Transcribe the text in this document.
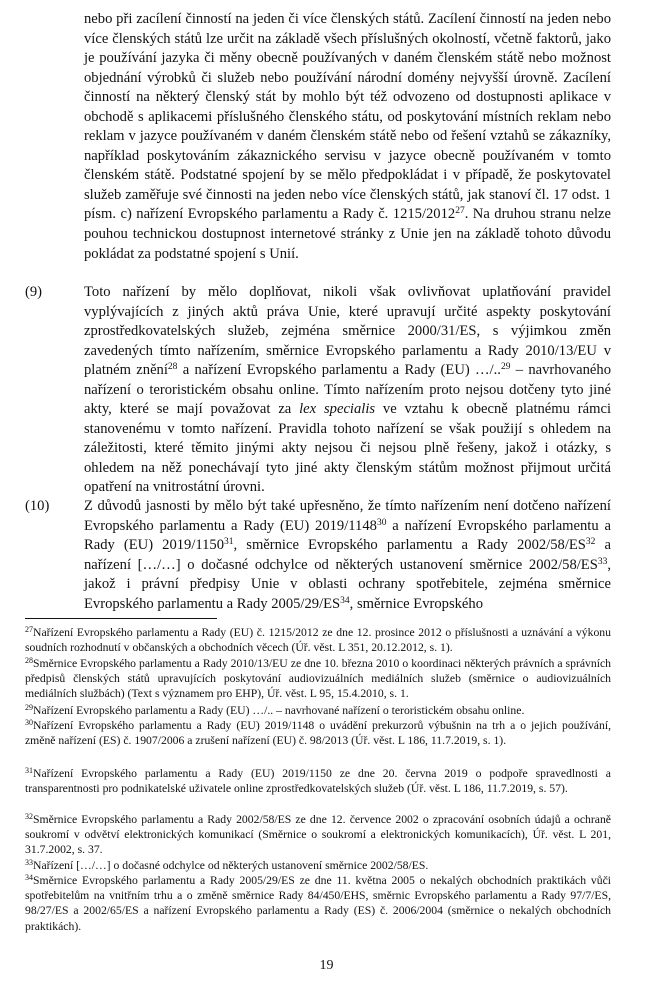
nebo při zacílení činností na jeden či více členských států. Zacílení činností na jeden nebo více členských států lze určit na základě všech příslušných okolností, včetně faktorů, jako je používání jazyka či měny obecně používaných v daném členském státě nebo možnost objednání výrobků či služeb nebo používání národní domény nejvyšší úrovně. Zacílení činností na některý členský stát by mohlo být též odvozeno od dostupnosti aplikace v obchodě s aplikacemi příslušného členského státu, od poskytování místních reklam nebo reklam v jazyce používaném v daném členském státě nebo od řešení vztahů se zákazníky, například poskytováním zákaznického servisu v jazyce obecně používaném v tomto členském státě. Podstatné spojení by se mělo předpokládat i v případě, že poskytovatel služeb zaměřuje své činnosti na jeden nebo více členských států, jak stanoví čl. 17 odst. 1 písm. c) nařízení Evropského parlamentu a Rady č. 1215/2012$^{27}$. Na druhou stranu nelze pouhou technickou dostupnost internetové stránky z Unie jen na základě tohoto důvodu pokládat za podstatné spojení s Unií.

(9)	Toto nařízení by mělo doplňovat, nikoli však ovlivňovat uplatňování pravidel vyplývajících z jiných aktů práva Unie, které upravují určité aspekty poskytování zprostředkovatelských služeb, zejména směrnice 2000/31/ES, s výjimkou změn zavedených tímto nařízením, směrnice Evropského parlamentu a Rady 2010/13/EU v platném znění$^{28}$ a nařízení Evropského parlamentu a Rady (EU) …/..$^{29}$ – navrhovaného nařízení o teroristickém obsahu online. Tímto nařízením proto nejsou dotčeny tyto jiné akty, které se mají považovat za lex specialis ve vztahu k obecně platnému rámci stanovenému v tomto nařízení. Pravidla tohoto nařízení se však použijí s ohledem na záležitosti, které těmito jinými akty nejsou či nejsou plně řešeny, jakož i otázky, s ohledem na něž ponechávají tyto jiné akty členským státům možnost přijmout určitá opatření na vnitrostátní úrovni.

(10) Z důvodů jasnosti by mělo být také upřesněno, že tímto nařízením není dotčeno nařízení Evropského parlamentu a Rady (EU) 2019/1148$^{30}$ a nařízení Evropského parlamentu a Rady (EU) 2019/1150$^{31}$, směrnice Evropského parlamentu a Rady 2002/58/ES$^{32}$ a nařízení […/…] o dočasné odchylce od některých ustanovení směrnice 2002/58/ES$^{33}$, jakož i právní předpisy Unie v oblasti ochrany spotřebitele, zejména směrnice Evropského parlamentu a Rady 2005/29/ES$^{34}$, směrnice Evropského

$^{27}$Nařízení Evropského parlamentu a Rady (EU) č. 1215/2012 ze dne 12. prosince 2012 o příslušnosti a uznávání a výkonu soudních rozhodnutí v občanských a obchodních věcech (Úř. věst. L 351, 20.12.2012, s. 1).

$^{28}$Směrnice Evropského parlamentu a Rady 2010/13/EU ze dne 10. března 2010 o koordinaci některých právních a správních předpisů členských států upravujících poskytování audiovizuálních mediálních služeb (směrnice o audiovizuálních mediálních službách) (Text s významem pro EHP), Úř. věst. L 95, 15.4.2010, s. 1.

$^{29}$Nařízení Evropského parlamentu a Rady (EU) …/.. – navrhované nařízení o teroristickém obsahu online.

$^{30}$Nařízení Evropského parlamentu a Rady (EU) 2019/1148 o uvádění prekurzorů výbušnin na trh a o jejich používání, změně nařízení (ES) č. 1907/2006 a zrušení nařízení (EU) č. 98/2013 (Úř. věst. L 186, 11.7.2019, s. 1).

$^{31}$Nařízení Evropského parlamentu a Rady (EU) 2019/1150 ze dne 20. června 2019 o podpoře spravedlnosti a transparentnosti pro podnikatelské uživatele online zprostředkovatelských služeb (Úř. věst. L 186, 11.7.2019, s. 57).

$^{32}$Směrnice Evropského parlamentu a Rady 2002/58/ES ze dne 12. července 2002 o zpracování osobních údajů a ochraně soukromí v odvětví elektronických komunikací (Směrnice o soukromí a elektronických komunikacích), Úř. věst. L 201, 31.7.2002, s. 37.

$^{33}$Nařízení […/…] o dočasné odchylce od některých ustanovení směrnice 2002/58/ES.

$^{34}$Směrnice Evropského parlamentu a Rady 2005/29/ES ze dne 11. května 2005 o nekalých obchodních praktikách vůči spotřebitelům na vnitřním trhu a o změně směrnice Rady 84/450/EHS, směrnic Evropského parlamentu a Rady 97/7/ES, 98/27/ES a 2002/65/ES a nařízení Evropského parlamentu a Rady (ES) č. 2006/2004 (směrnice o nekalých obchodních praktikách).

19
